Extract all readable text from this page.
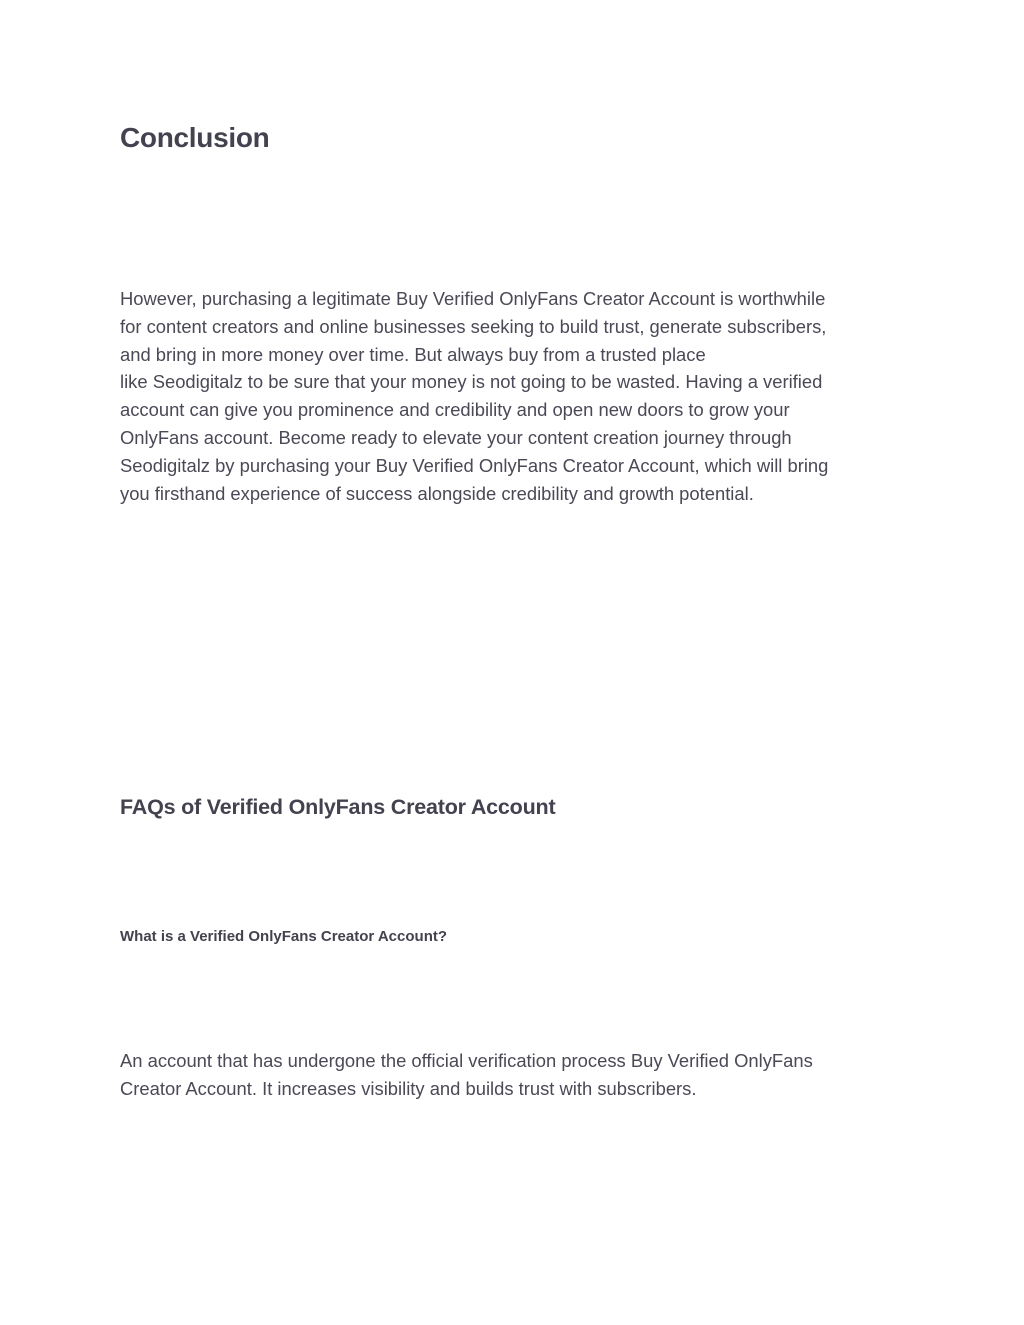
Conclusion

However, purchasing a legitimate Buy Verified OnlyFans Creator Account is worthwhile
for content creators and online businesses seeking to build trust, generate subscribers,
and bring in more money over time. But always buy from a trusted place
like Seodigitalz to be sure that your money is not going to be wasted. Having a verified
account can give you prominence and credibility and open new doors to grow your
OnlyFans account. Become ready to elevate your content creation journey through
Seodigitalz by purchasing your Buy Verified OnlyFans Creator Account, which will bring
you firsthand experience of success alongside credibility and growth potential.

FAQs of Verified OnlyFans Creator Account
What is a Verified OnlyFans Creator Account?

An account that has undergone the official verification process Buy Verified OnlyFans
Creator Account. It increases visibility and builds trust with subscribers.
